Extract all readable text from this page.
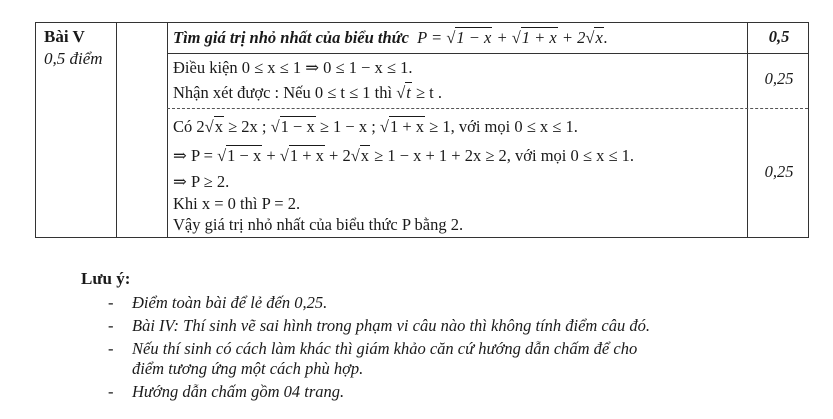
Bài V
0,5 điểm
Tìm giá trị nhỏ nhất của biểu thức P = √1 − x + √1 + x + 2√x.	0,5
Điều kiện 0 ≤ x ≤ 1 ⇒ 0 ≤ 1 − x ≤ 1.
Nhận xét được : Nếu 0 ≤ t ≤ 1 thì √t ≥ t .
0,25
Có 2√x ≥ 2x ; √1 − x ≥ 1 − x ; √1 + x ≥ 1, với mọi 0 ≤ x ≤ 1.
⇒ P = √1 − x + √1 + x + 2√x ≥ 1 − x + 1 + 2x ≥ 2, với mọi 0 ≤ x ≤ 1.
⇒ P ≥ 2.
Khi x = 0 thì P = 2.
Vậy giá trị nhỏ nhất của biểu thức P bằng 2.
0,25
Lưu ý:
- Điểm toàn bài để lẻ đến 0,25.
- Bài IV: Thí sinh vẽ sai hình trong phạm vi câu nào thì không tính điểm câu đó.
- Nếu thí sinh có cách làm khác thì giám khảo căn cứ hướng dẫn chấm để cho
điểm tương ứng một cách phù hợp.
- Hướng dẫn chấm gồm 04 trang.
